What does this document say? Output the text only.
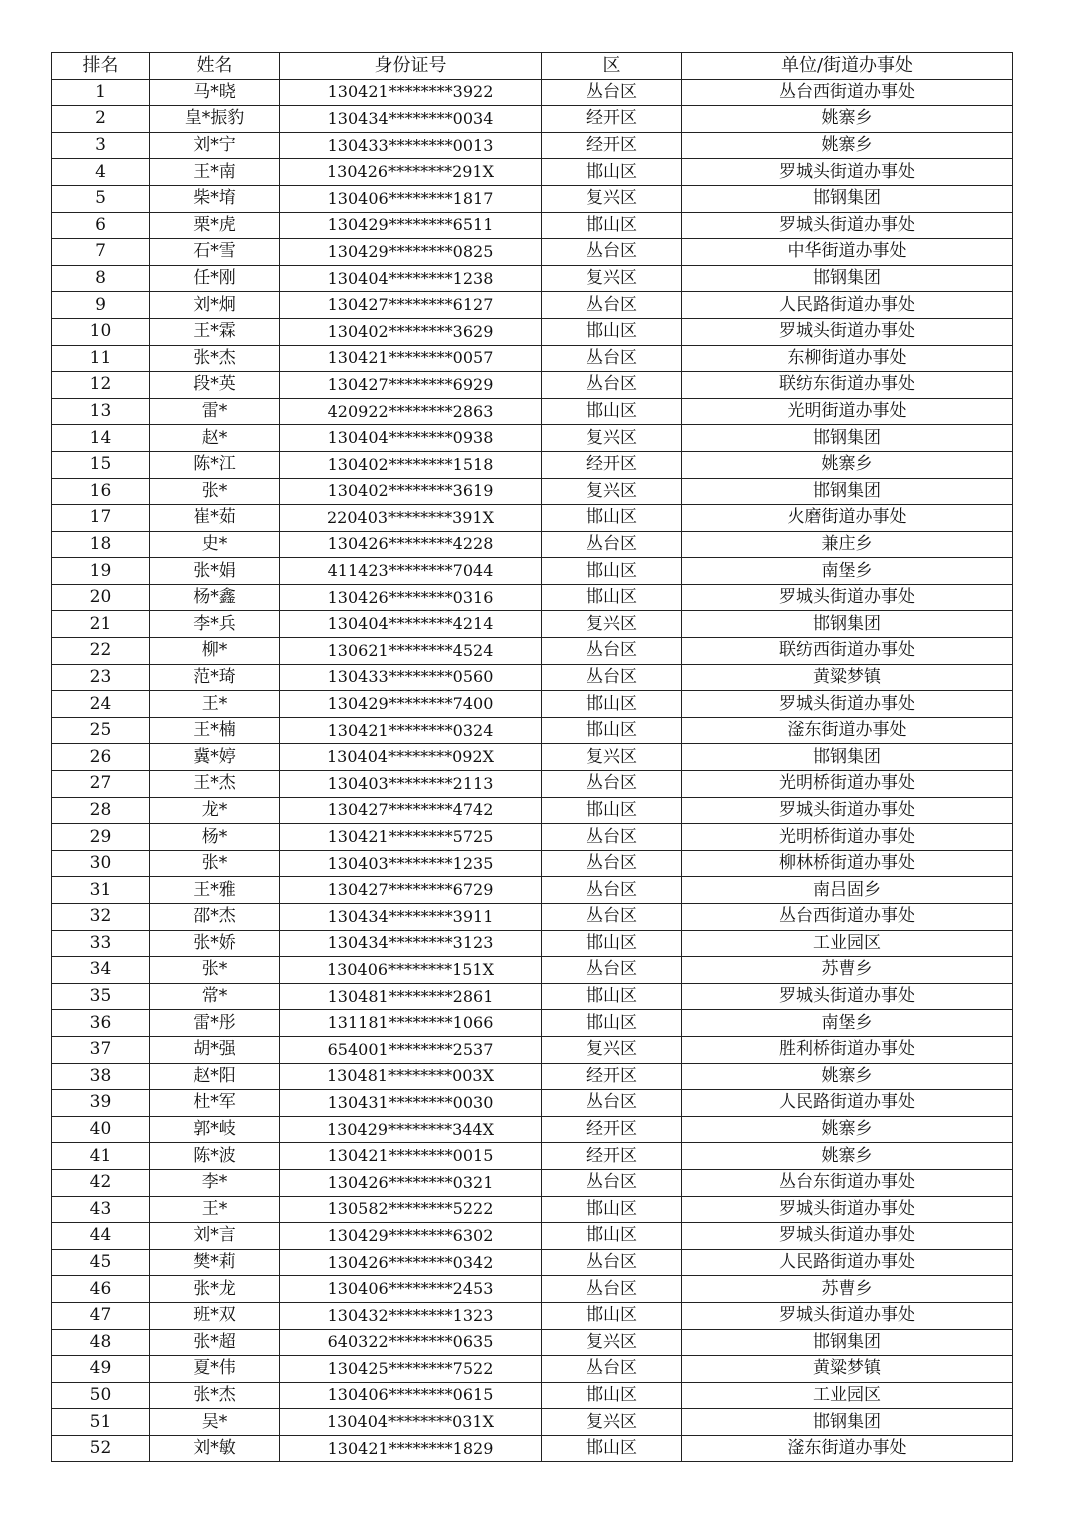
排名	姓名	身份证号	区	单位/街道办事处
1	马*晓	130421********3922	丛台区	丛台西街道办事处
2	皇*振豹	130434********0034	经开区	姚寨乡
3	刘*宁	130433********0013	经开区	姚寨乡
4	王*南	130426********291X	邯山区	罗城头街道办事处
5	柴*堉	130406********1817	复兴区	邯钢集团
6	栗*虎	130429********6511	邯山区	罗城头街道办事处
7	石*雪	130429********0825	丛台区	中华街道办事处
8	任*刚	130404********1238	复兴区	邯钢集团
9	刘*炯	130427********6127	丛台区	人民路街道办事处
10	王*霖	130402********3629	邯山区	罗城头街道办事处
11	张*杰	130421********0057	丛台区	东柳街道办事处
12	段*英	130427********6929	丛台区	联纺东街道办事处
13	雷*	420922********2863	邯山区	光明街道办事处
14	赵*	130404********0938	复兴区	邯钢集团
15	陈*江	130402********1518	经开区	姚寨乡
16	张*	130402********3619	复兴区	邯钢集团
17	崔*茹	220403********391X	邯山区	火磨街道办事处
18	史*	130426********4228	丛台区	兼庄乡
19	张*娟	411423********7044	邯山区	南堡乡
20	杨*鑫	130426********0316	邯山区	罗城头街道办事处
21	李*兵	130404********4214	复兴区	邯钢集团
22	柳*	130621********4524	丛台区	联纺西街道办事处
23	范*琦	130433********0560	丛台区	黄粱梦镇
24	王*	130429********7400	邯山区	罗城头街道办事处
25	王*楠	130421********0324	邯山区	滏东街道办事处
26	冀*婷	130404********092X	复兴区	邯钢集团
27	王*杰	130403********2113	丛台区	光明桥街道办事处
28	龙*	130427********4742	邯山区	罗城头街道办事处
29	杨*	130421********5725	丛台区	光明桥街道办事处
30	张*	130403********1235	丛台区	柳林桥街道办事处
31	王*雅	130427********6729	丛台区	南吕固乡
32	邵*杰	130434********3911	丛台区	丛台西街道办事处
33	张*娇	130434********3123	邯山区	工业园区
34	张*	130406********151X	丛台区	苏曹乡
35	常*	130481********2861	邯山区	罗城头街道办事处
36	雷*彤	131181********1066	邯山区	南堡乡
37	胡*强	654001********2537	复兴区	胜利桥街道办事处
38	赵*阳	130481********003X	经开区	姚寨乡
39	杜*军	130431********0030	丛台区	人民路街道办事处
40	郭*岐	130429********344X	经开区	姚寨乡
41	陈*波	130421********0015	经开区	姚寨乡
42	李*	130426********0321	丛台区	丛台东街道办事处
43	王*	130582********5222	邯山区	罗城头街道办事处
44	刘*言	130429********6302	邯山区	罗城头街道办事处
45	樊*莉	130426********0342	丛台区	人民路街道办事处
46	张*龙	130406********2453	丛台区	苏曹乡
47	班*双	130432********1323	邯山区	罗城头街道办事处
48	张*超	640322********0635	复兴区	邯钢集团
49	夏*伟	130425********7522	丛台区	黄粱梦镇
50	张*杰	130406********0615	邯山区	工业园区
51	吴*	130404********031X	复兴区	邯钢集团
52	刘*敏	130421********1829	邯山区	滏东街道办事处
